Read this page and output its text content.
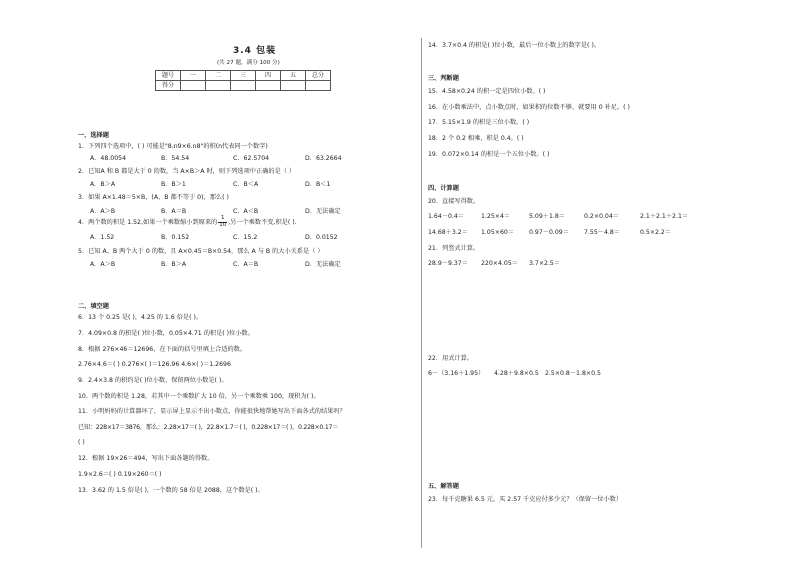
3.4 包装
(共 27 题，满分 100 分)
题号	一	二	三	四	五	总分
得分						
一、选择题
1．下列四个选项中，( ) 可能是"8.n9×6.n8"的积(n代表同一个数字)
A．48.0054	B．54.54	C．62.5704	D．63.2664
2．已知A 和 B 都是大于 0 的数，当 A×B＞A 时，则下列选项中正确的是（ ）
A．B＞A	B．B＞1	C．B＜A	D．B＜1
3．如果 A×1.48＝5×B，(A、B 都不等于 0)，那么( )
A．A＞B	B．A＝B	C．A＜B	D．无法确定
4．两个数的积是 1.52,如果一个乘数缩小到原来的 $\frac{1}{10}$ ,另一个乘数不变,积是( ).
A．1.52	B．0.152	C．15.2	D．0.0152
5．已知 A、B 两个大于 0 的数，且 A×0.45＝B×0.54，那么 A 与 B 的大小关系是（ ）
A．A＞B	B．B＞A	C．A＝B	D．无法确定
二、填空题
6．13 个 0.25 是( )，4.25 的 1.6 倍是( )。
7．4.09×0.8 的积是( )位小数，0.05×4.71 的积是( )位小数。
8．根据 276×46＝12696，在下面的括号里填上合适的数。
2.76×4.6＝( ) 0.276×( )＝126.96 4.6×( )＝1.2696
9．2.4×3.8 的积约是( )位小数，保留两位小数是( )。
10．两个数的积是 1.28，若其中一个乘数扩大 10 倍，另一个乘数乘 100，现积为( )。
11．小明妈妈的计算器坏了，显示屏上显示不出小数点，你能很快地帮她写出下面各式的结果吗？
已知：228×17＝3876，那么：2.28×17＝( )，22.8×1.7＝( )，0.228×17＝( )，0.228×0.17＝
( )
12．根据 19×26＝494，写出下面各题的得数。
1.9×2.6＝( ) 0.19×260＝( )
13．3.62 的 1.5 倍是( )，一个数的 58 倍是 2088，这个数是( )。
14．3.7×0.4 的积是( )位小数，最后一位小数上的数字是( )。
三、判断题
15．4.58×0.24 的积一定是四位小数。( )
16．在小数乘法中，点小数点时，如果积的位数不够，就要用 0 补足。( )
17．5.15×1.9 的积是三位小数。( )
18．2 个 0.2 相乘，积是 0.4。( )
19．0.072×0.14 的积是一个五位小数。( )
四、计算题
20．直接写得数。
1.64－0.4＝	1.25×4＝	5.09＋1.8＝	0.2×0.04＝	2.1＋2.1＋2.1＝
14.68＋3.2＝ 1.05×60＝ 0.97－0.09＝ 7.55－4.8＝	0.5×2.2＝
21．列竖式计算。
28.9－9.37＝ 220×4.05＝ 3.7×2.5＝
22．用式计算。
6－（3.16＋1.95） 4.28＋9.8×0.5 2.5×0.8－1.8×0.5
五、解答题
23．每千克糖果 6.5 元，买 2.57 千克应付多少元？（保留一位小数）
